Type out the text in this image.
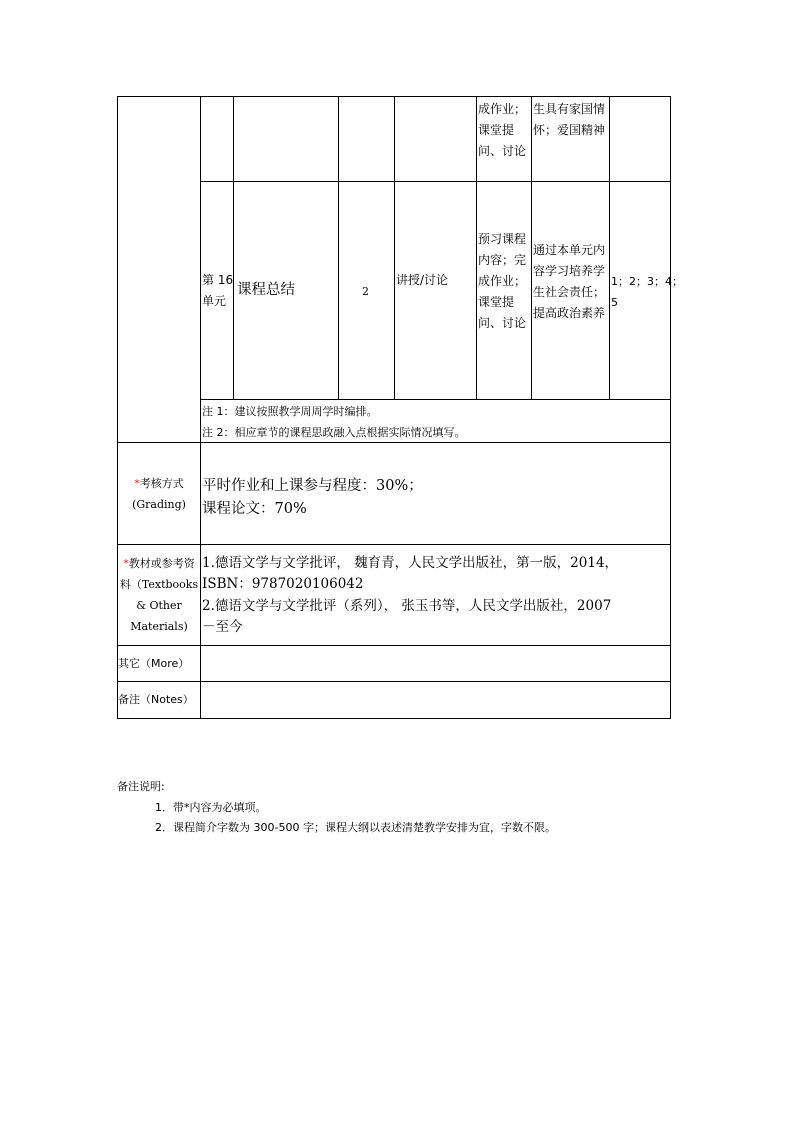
成作业；
课堂提
问、讨论
生具有家国情
怀；爱国精神
第 16
单元
课程总结	2
讲授/讨论
预习课程
内容；完
成作业；
课堂提
问、讨论
通过本单元内
容学习培养学
生社会责任；
提高政治素养
1；2；3；4；
5
注 1：建议按照教学周周学时编排。
注 2：相应章节的课程思政融入点根据实际情况填写。
*考核方式
(Grading)
平时作业和上课参与程度：30%；
课程论文：70%
*教材或参考资
料（Textbooks
& Other
Materials)
1.德语文学与文学批评， 魏育青，人民文学出版社，第一版，2014，
ISBN：9787020106042
2.德语文学与文学批评（系列）， 张玉书等，人民文学出版社，2007
－至今
其它（More）
备注（Notes）
备注说明:
1．带*内容为必填项。
2．课程简介字数为 300-500 字；课程大纲以表述清楚教学安排为宜，字数不限。
